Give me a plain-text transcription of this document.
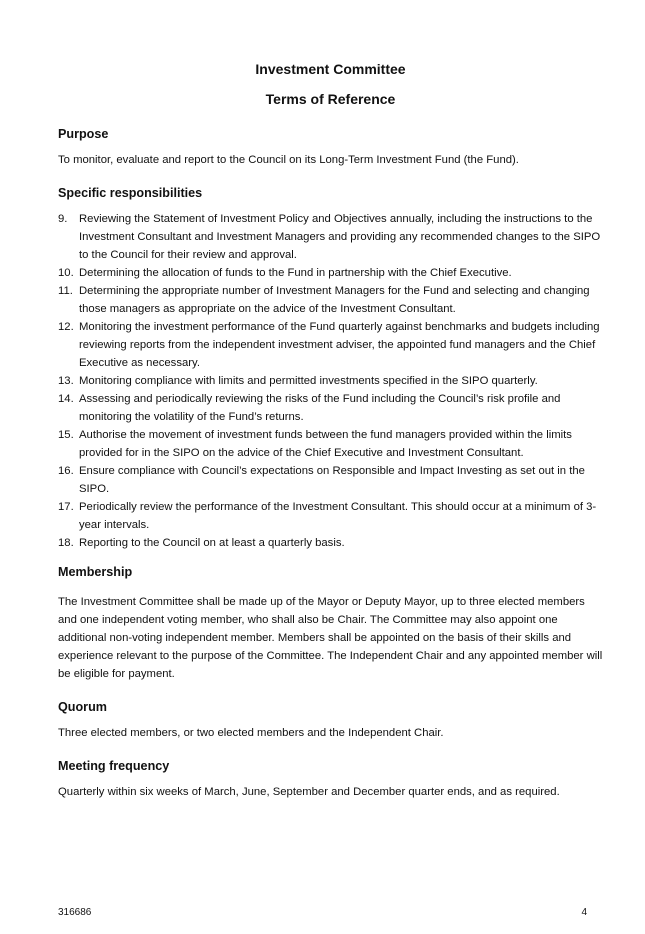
Investment Committee
Terms of Reference
Purpose

To monitor, evaluate and report to the Council on its Long-Term Investment Fund (the Fund).

Specific responsibilities
9. Reviewing the Statement of Investment Policy and Objectives annually, including the instructions to the Investment Consultant and Investment Managers and providing any recommended changes to the SIPO to the Council for their review and approval.
10. Determining the allocation of funds to the Fund in partnership with the Chief Executive.
11. Determining the appropriate number of Investment Managers for the Fund and selecting and changing those managers as appropriate on the advice of the Investment Consultant.
12. Monitoring the investment performance of the Fund quarterly against benchmarks and budgets including reviewing reports from the independent investment adviser, the appointed fund managers and the Chief Executive as necessary.
13. Monitoring compliance with limits and permitted investments specified in the SIPO quarterly.
14. Assessing and periodically reviewing the risks of the Fund including the Council’s risk profile and monitoring the volatility of the Fund’s returns.
15. Authorise the movement of investment funds between the fund managers provided within the limits provided for in the SIPO on the advice of the Chief Executive and Investment Consultant.
16. Ensure compliance with Council’s expectations on Responsible and Impact Investing as set out in the SIPO.
17. Periodically review the performance of the Investment Consultant. This should occur at a minimum of 3-year intervals.
18. Reporting to the Council on at least a quarterly basis.
Membership

The Investment Committee shall be made up of the Mayor or Deputy Mayor, up to three elected members and one independent voting member, who shall also be Chair. The Committee may also appoint one additional non-voting independent member. Members shall be appointed on the basis of their skills and experience relevant to the purpose of the Committee. The Independent Chair and any appointed member will be eligible for payment.

Quorum

Three elected members, or two elected members and the Independent Chair.

Meeting frequency

Quarterly within six weeks of March, June, September and December quarter ends, and as required.

316686	4
